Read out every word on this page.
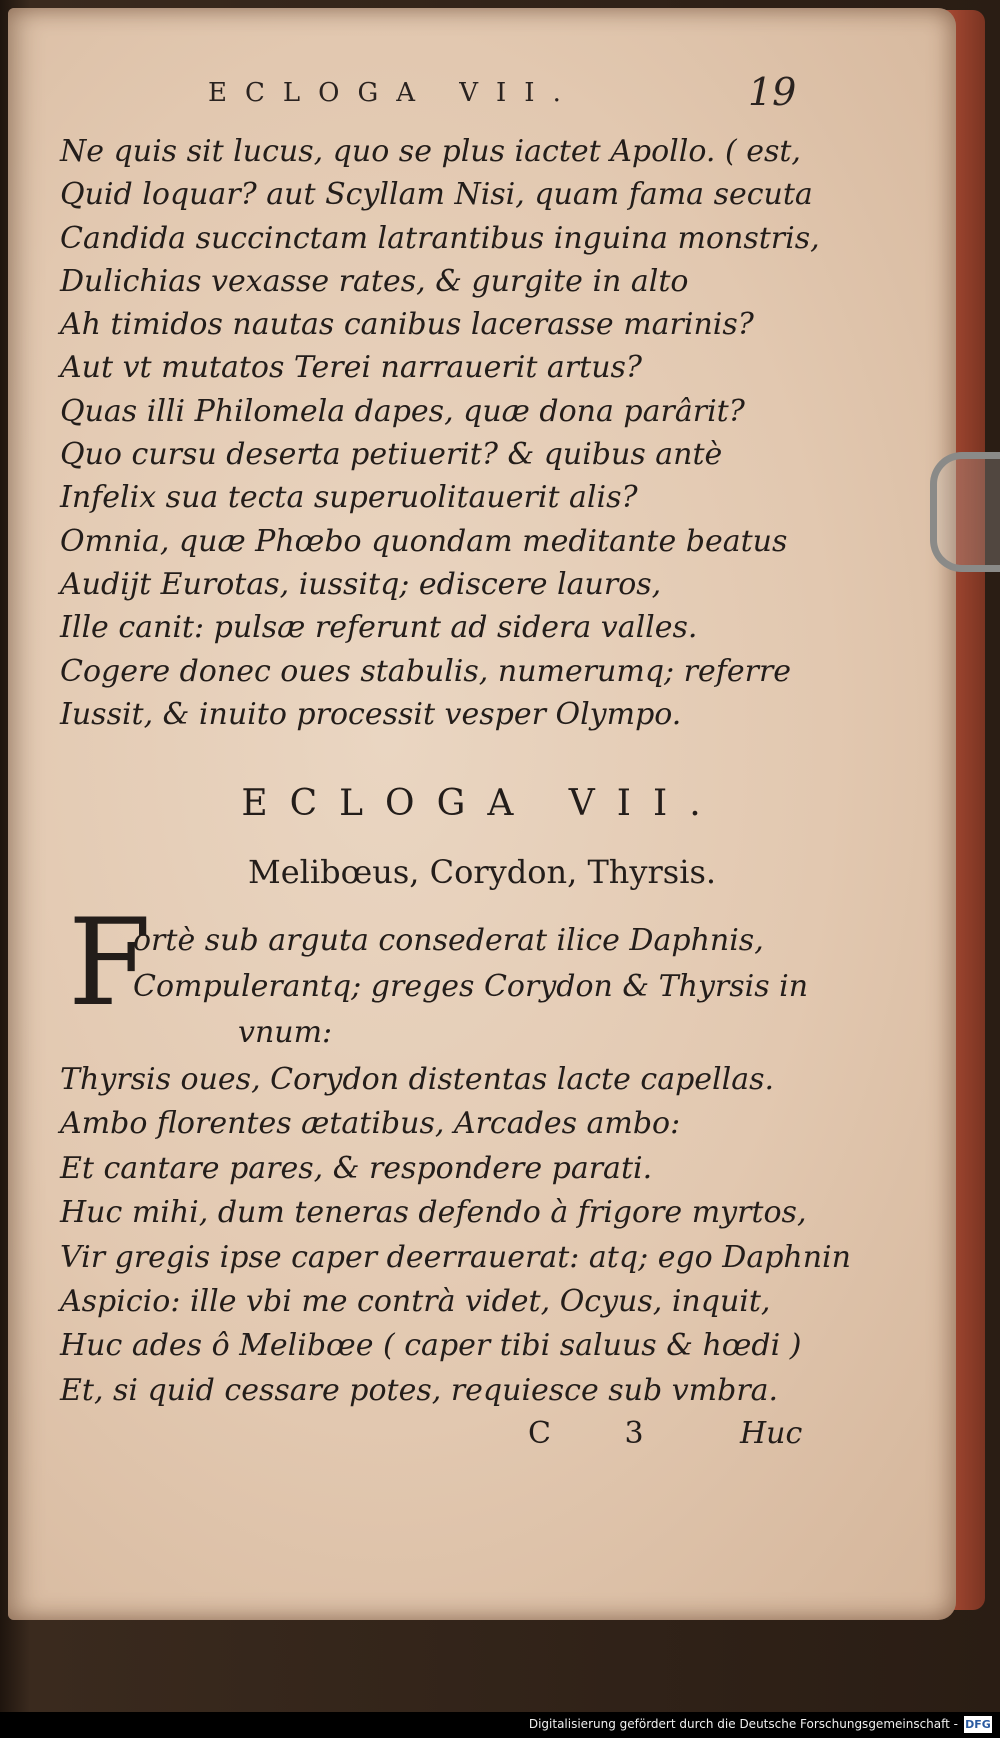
ECLOGA VII.	19
Ne quis sit lucus, quo se plus iactet Apollo. ( est,
Quid loquar? aut Scyllam Nisi, quam fama secuta
Candida succinctam latrantibus inguina monstris,
Dulichias vexasse rates, & gurgite in alto
Ah timidos nautas canibus lacerasse marinis?
Aut vt mutatos Terei narrauerit artus?
Quas illi Philomela dapes, quæ dona parârit?
Quo cursu deserta petiuerit? & quibus antè
Infelix sua tecta superuolitauerit alis?
Omnia, quæ Phœbo quondam meditante beatus
Audijt Eurotas, iussitq; ediscere lauros,
Ille canit: pulsæ referunt ad sidera valles.
Cogere donec oues stabulis, numerumq; referre
Iussit, & inuito processit vesper Olympo.
ECLOGA VII.
Melibœus, Corydon, Thyrsis.
F
ortè sub arguta consederat ilice Daphnis,
Compulerantq; greges Corydon & Thyrsis in
vnum:
Thyrsis oues, Corydon distentas lacte capellas.
Ambo florentes ætatibus, Arcades ambo:
Et cantare pares, & respondere parati.
Huc mihi, dum teneras defendo à frigore myrtos,
Vir gregis ipse caper deerrauerat: atq; ego Daphnin
Aspicio: ille vbi me contrà videt, Ocyus, inquit,
Huc ades ô Melibœe ( caper tibi saluus & hœdi )
Et, si quid cessare potes, requiesce sub vmbra.
C 3 Huc
Digitalisierung gefördert durch die Deutsche Forschungsgemeinschaft - DFG
